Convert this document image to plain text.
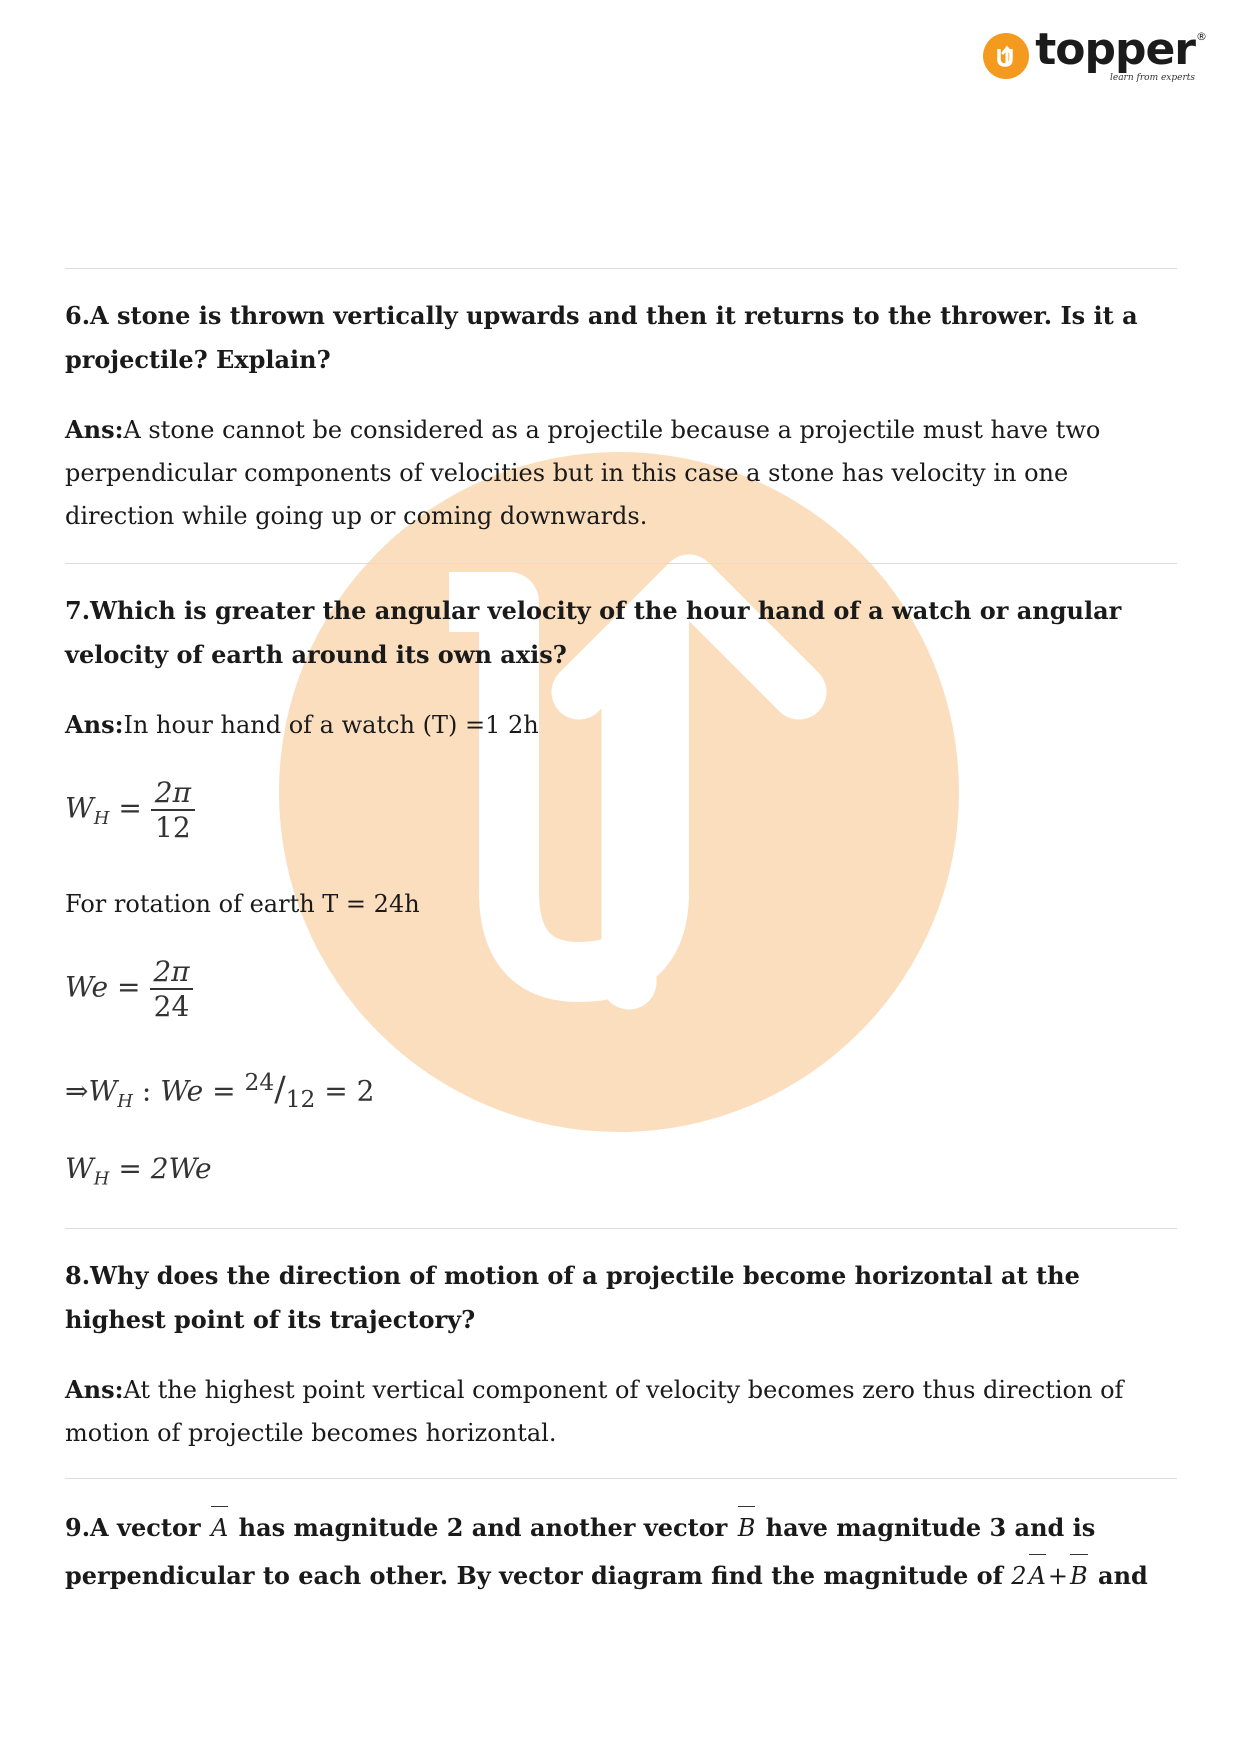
topper
learn from experts
®

6.A stone is thrown vertically upwards and then it returns to the thrower. Is it a projectile? Explain?

Ans:A stone cannot be considered as a projectile because a projectile must have two perpendicular components of velocities but in this case a stone has velocity in one direction while going up or coming downwards.

7.Which is greater the angular velocity of the hour hand of a watch or angular velocity of earth around its own axis?

Ans:In hour hand of a watch (T) =1 2h

$W_H = \frac{2\pi}{12}$

For rotation of earth T = 24h

$We = \frac{2\pi}{24}$
$\Rightarrow W_H$ : $We = ^{24}/_{12} = 2$
$W_H = 2We$

8.Why does the direction of motion of a projectile become horizontal at the highest point of its trajectory?

Ans:At the highest point vertical component of velocity becomes zero thus direction of motion of projectile becomes horizontal.

9.A vector A has magnitude 2 and another vector B have magnitude 3 and is
perpendicular to each other. By vector diagram find the magnitude of 2A+B and
